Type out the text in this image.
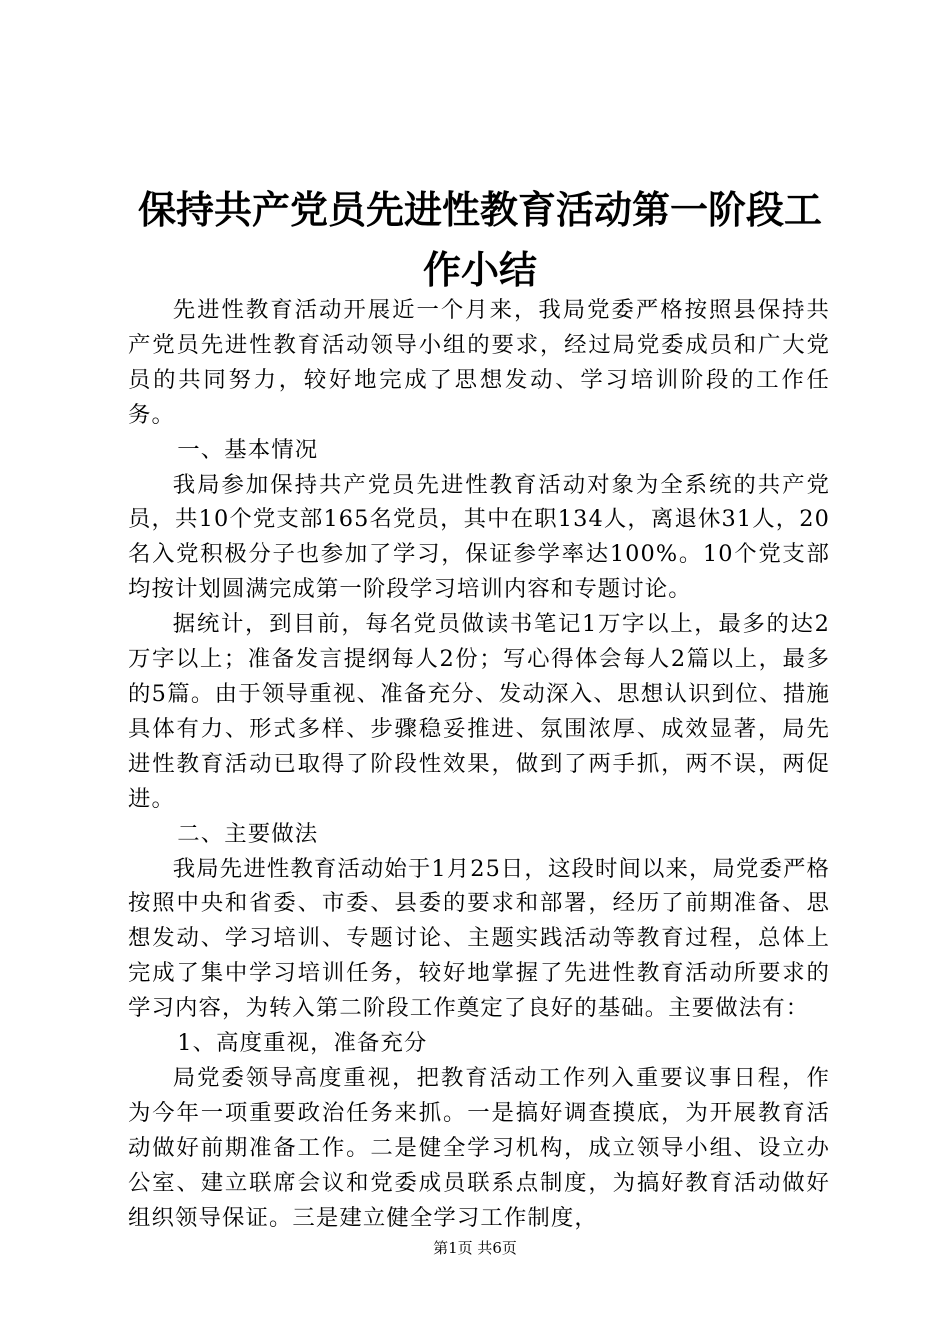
保持共产党员先进性教育活动第一阶段工作小结

先进性教育活动开展近一个月来，我局党委严格按照县保持共产党员先进性教育活动领导小组的要求，经过局党委成员和广大党员的共同努力，较好地完成了思想发动、学习培训阶段的工作任务。

一、基本情况

我局参加保持共产党员先进性教育活动对象为全系统的共产党员，共10个党支部165名党员，其中在职134人，离退休31人，20名入党积极分子也参加了学习，保证参学率达100%。10个党支部均按计划圆满完成第一阶段学习培训内容和专题讨论。

据统计，到目前，每名党员做读书笔记1万字以上，最多的达2万字以上；准备发言提纲每人2份；写心得体会每人2篇以上，最多的5篇。由于领导重视、准备充分、发动深入、思想认识到位、措施具体有力、形式多样、步骤稳妥推进、氛围浓厚、成效显著，局先进性教育活动已取得了阶段性效果，做到了两手抓，两不误，两促进。

二、主要做法

我局先进性教育活动始于1月25日，这段时间以来，局党委严格按照中央和省委、市委、县委的要求和部署，经历了前期准备、思想发动、学习培训、专题讨论、主题实践活动等教育过程，总体上完成了集中学习培训任务，较好地掌握了先进性教育活动所要求的学习内容，为转入第二阶段工作奠定了良好的基础。主要做法有：

1、高度重视，准备充分

局党委领导高度重视，把教育活动工作列入重要议事日程，作为今年一项重要政治任务来抓。一是搞好调查摸底，为开展教育活动做好前期准备工作。二是健全学习机构，成立领导小组、设立办公室、建立联席会议和党委成员联系点制度，为搞好教育活动做好组织领导保证。三是建立健全学习工作制度，

第1页 共6页
